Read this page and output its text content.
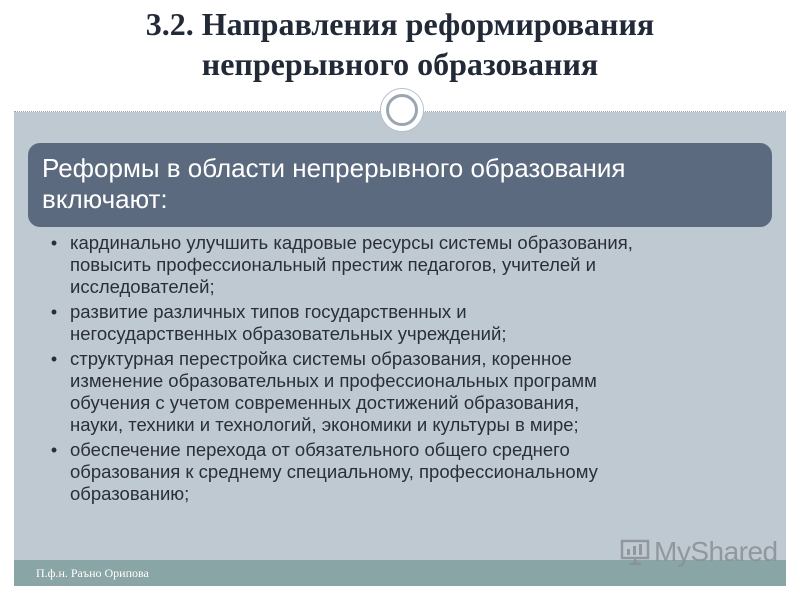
3.2. Направления реформирования
непрерывного образования
Реформы в области непрерывного образования
включают:
• кардинально улучшить кадровые ресурсы системы образования,
повысить профессиональный престиж педагогов, учителей и
исследователей;
• развитие различных типов государственных и
негосударственных образовательных учреждений;
• структурная перестройка системы образования, коренное
изменение образовательных и профессиональных программ
обучения с учетом современных достижений образования,
науки, техники и технологий, экономики и культуры в мире;
• обеспечение перехода от обязательного общего среднего
образования к среднему специальному, профессиональному
образованию;
П.ф.н. Раъно Орипова
MyShared
